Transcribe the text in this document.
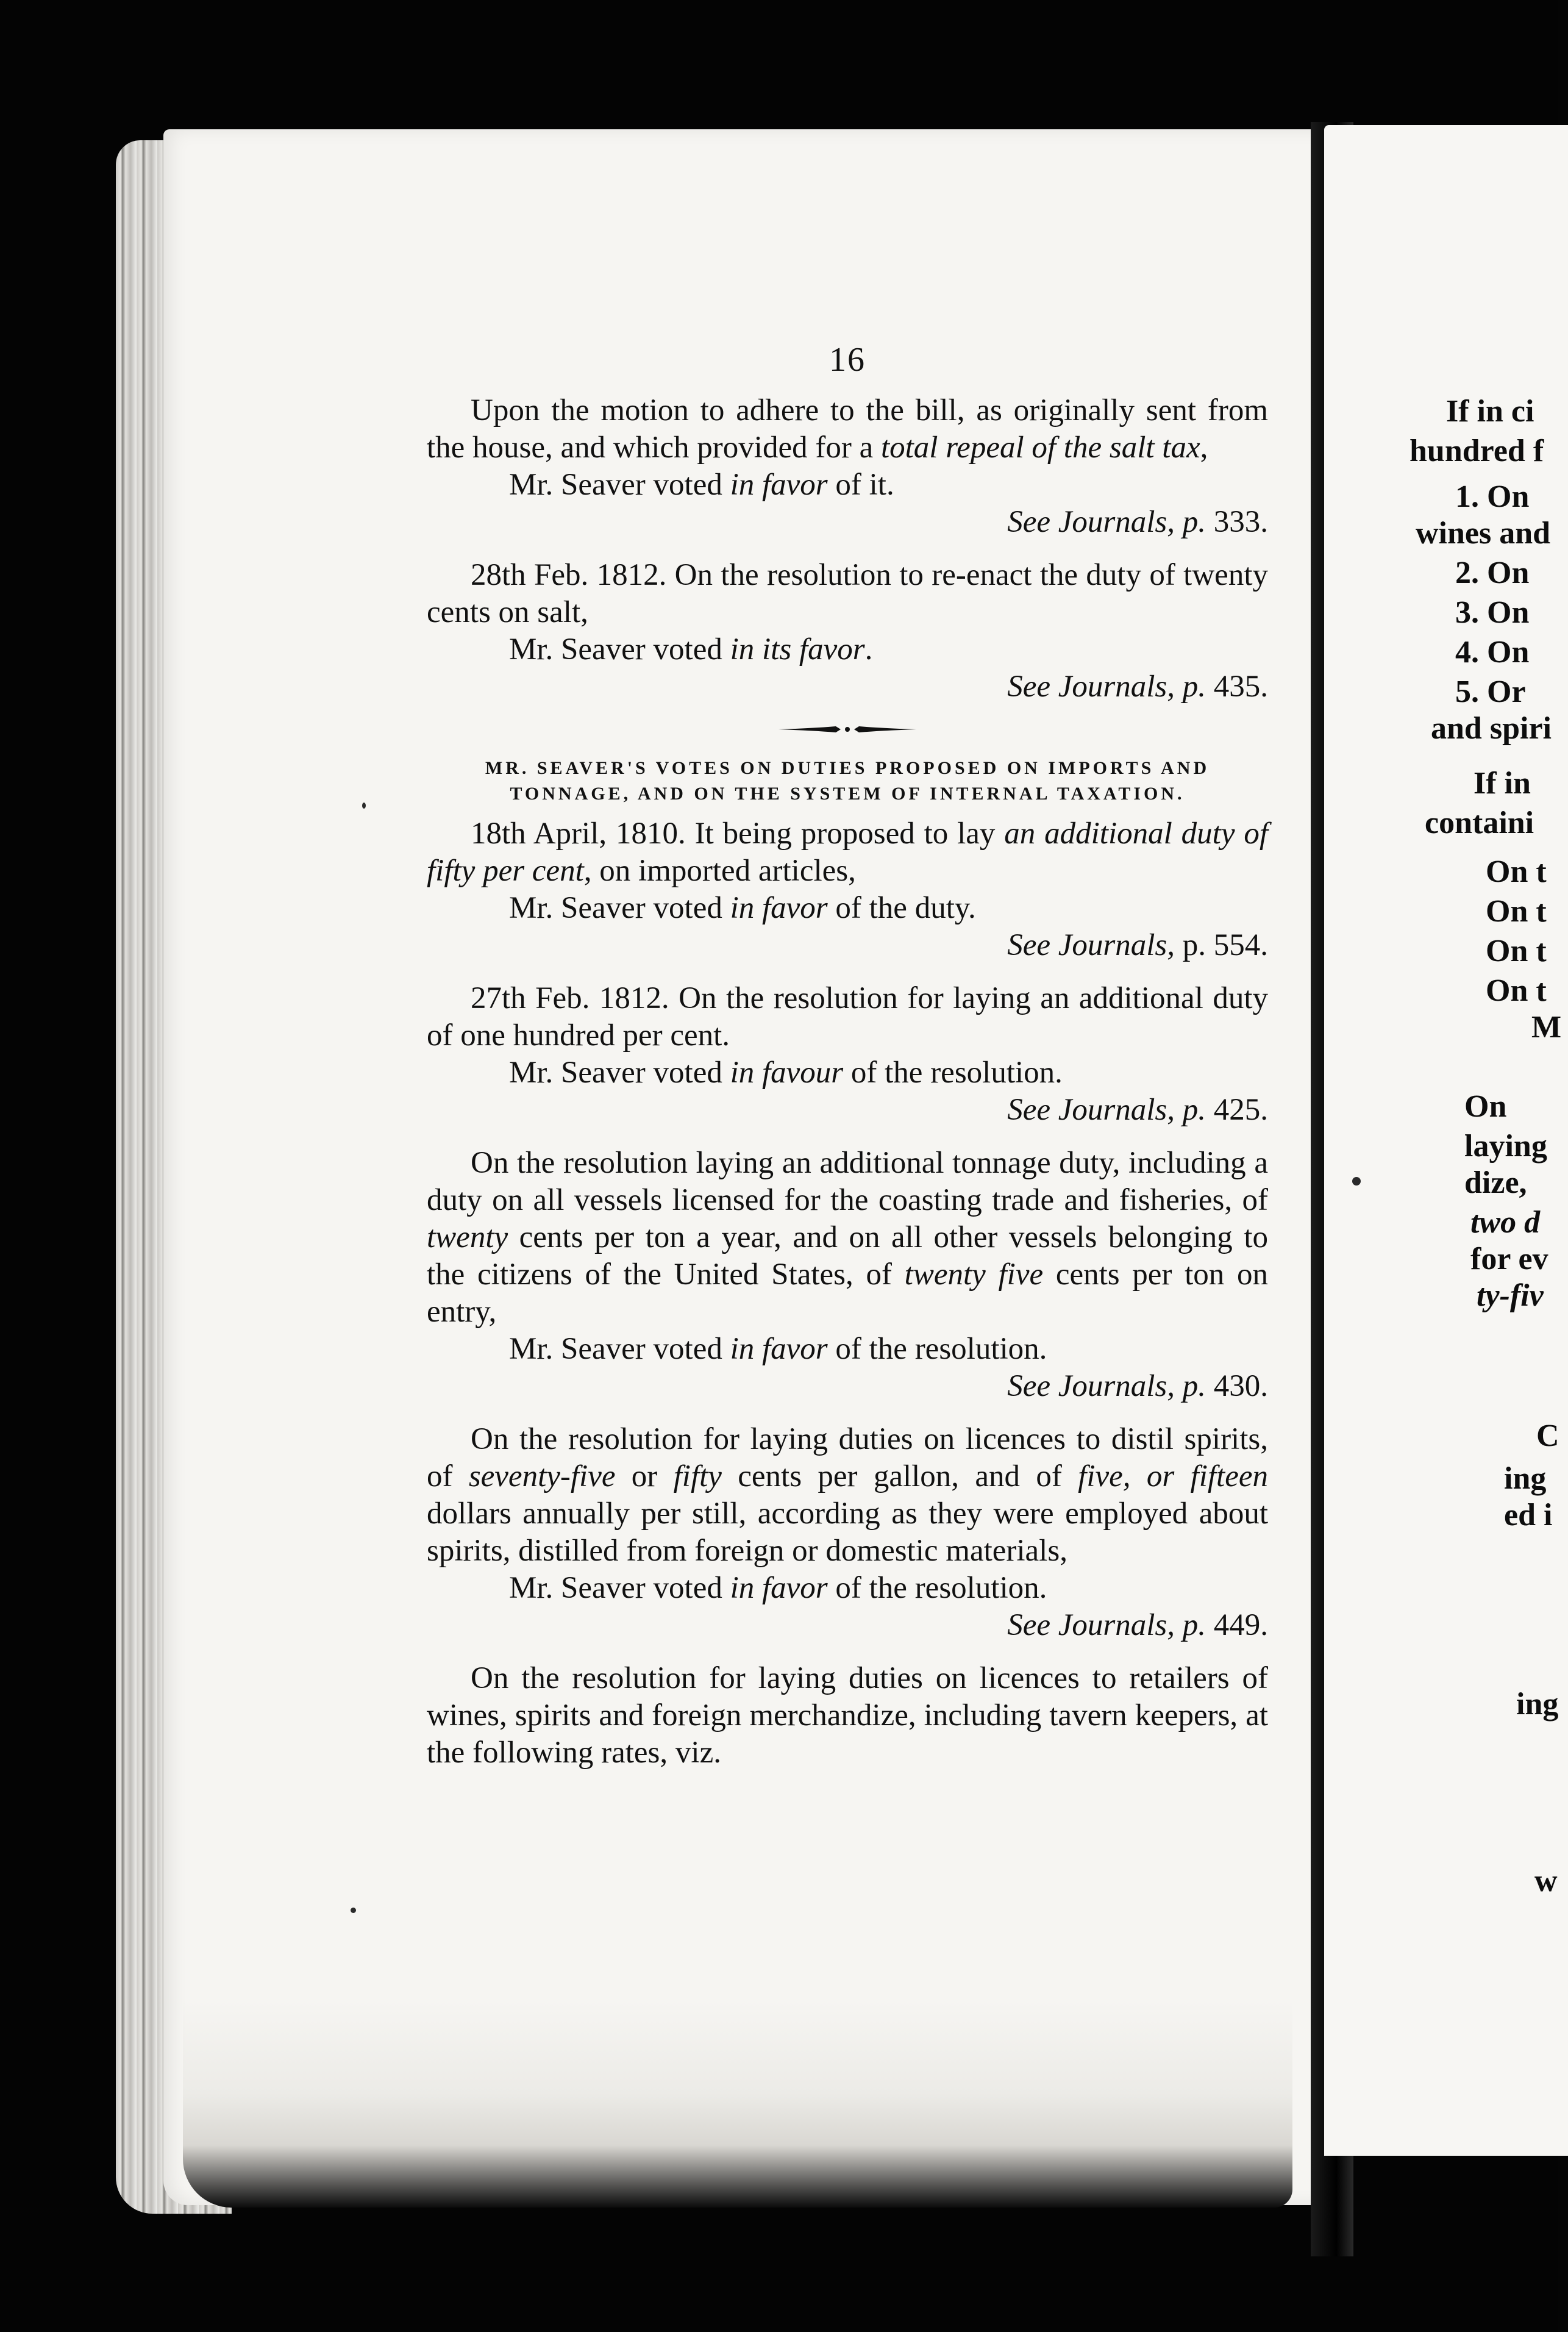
If in ci
hundred f
1. On
wines and
2. On
3. On
4. On
5. Or
and spiri
If in
containi
On t
On t
On t
On t
M
On
laying
dize,
two d
for ev
ty-fiv
C
ing
ed i
ing
w
16

Upon the motion to adhere to the bill, as originally sent from the house, and which provided for a total repeal of the salt tax,

Mr. Seaver voted in favor of it.

See Journals, p. 333.

28th Feb. 1812. On the resolution to re-enact the duty of twenty cents on salt,

Mr. Seaver voted in its favor.

See Journals, p. 435.

MR. SEAVER'S VOTES ON DUTIES PROPOSED ON IMPORTS AND
TONNAGE, AND ON THE SYSTEM OF INTERNAL TAXATION.

18th April, 1810. It being proposed to lay an additional duty of fifty per cent, on imported articles,

Mr. Seaver voted in favor of the duty.

See Journals, p. 554.

27th Feb. 1812. On the resolution for laying an additional duty of one hundred per cent.

Mr. Seaver voted in favour of the resolution.

See Journals, p. 425.

On the resolution laying an additional tonnage duty, including a duty on all vessels licensed for the coasting trade and fisheries, of twenty cents per ton a year, and on all other vessels belonging to the citizens of the United States, of twenty five cents per ton on entry,

Mr. Seaver voted in favor of the resolution.

See Journals, p. 430.

On the resolution for laying duties on licences to distil spirits, of seventy-five or fifty cents per gallon, and of five, or fifteen dollars annually per still, according as they were employed about spirits, distilled from foreign or domestic materials,

Mr. Seaver voted in favor of the resolution.

See Journals, p. 449.

On the resolution for laying duties on licences to retailers of wines, spirits and foreign merchandize, including tavern keepers, at the following rates, viz.
